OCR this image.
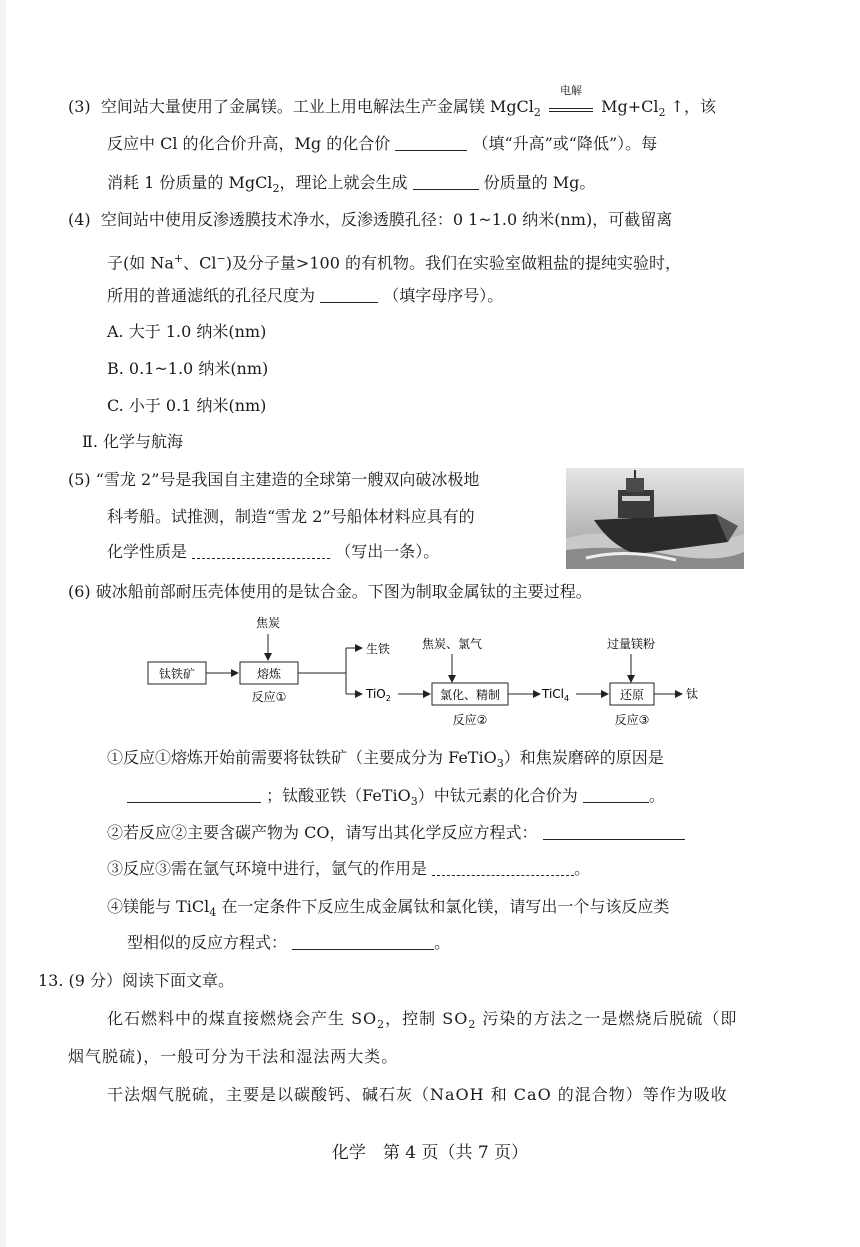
(3) 空间站大量使用了金属镁。工业上用电解法生产金属镁 MgCl$_2$
电解
$Mg+Cl_2$ ↑，该
反应中 Cl 的化合价升高，Mg 的化合价	（填“升高”或“降低”）。每
消耗 1 份质量的 MgCl$_2$，理论上就会生成	份质量的 Mg。
(4) 空间站中使用反渗透膜技术净水，反渗透膜孔径：0 1~1.0 纳米(nm)，可截留离
子(如 Na+、Cl−)及分子量>100 的有机物。我们在实验室做粗盐的提纯实验时，
所用的普通滤纸的孔径尺度为	（填字母序号）。
A. 大于 1.0 纳米(nm)
B. 0.1~1.0 纳米(nm)
C. 小于 0.1 纳米(nm)
Ⅱ. 化学与航海
(5) “雪龙 2”号是我国自主建造的全球第一艘双向破冰极地
科考船。试推测，制造“雪龙 2”号船体材料应具有的
化学性质是	（写出一条）。
(6) 破冰船前部耐压壳体使用的是钛合金。下图为制取金属钛的主要过程。
焦炭
钛铁矿	熔炼
反应①
生铁
TiO$_2$
焦炭、氯气
氯化、精制
反应②
TiCl$_4$
过量镁粉
还原
反应③
钛
①反应①熔炼开始前需要将钛铁矿（主要成分为 FeTiO$_3$）和焦炭磨碎的原因是
；钛酸亚铁（FeTiO$_3$）中钛元素的化合价为	。
②若反应②主要含碳产物为 CO，请写出其化学反应方程式：
③反应③需在氩气环境中进行，氩气的作用是	。
④镁能与 TiCl$_4$ 在一定条件下反应生成金属钛和氯化镁，请写出一个与该反应类
型相似的反应方程式：	。
13. (9 分）阅读下面文章。
化石燃料中的煤直接燃烧会产生 $SO_2$，控制 $SO_2$ 污染的方法之一是燃烧后脱硫（即
烟气脱硫)，一般可分为干法和湿法两大类。
干法烟气脱硫，主要是以碳酸钙、碱石灰（NaOH 和 CaO 的混合物）等作为吸收
化学　第 4 页（共 7 页）
